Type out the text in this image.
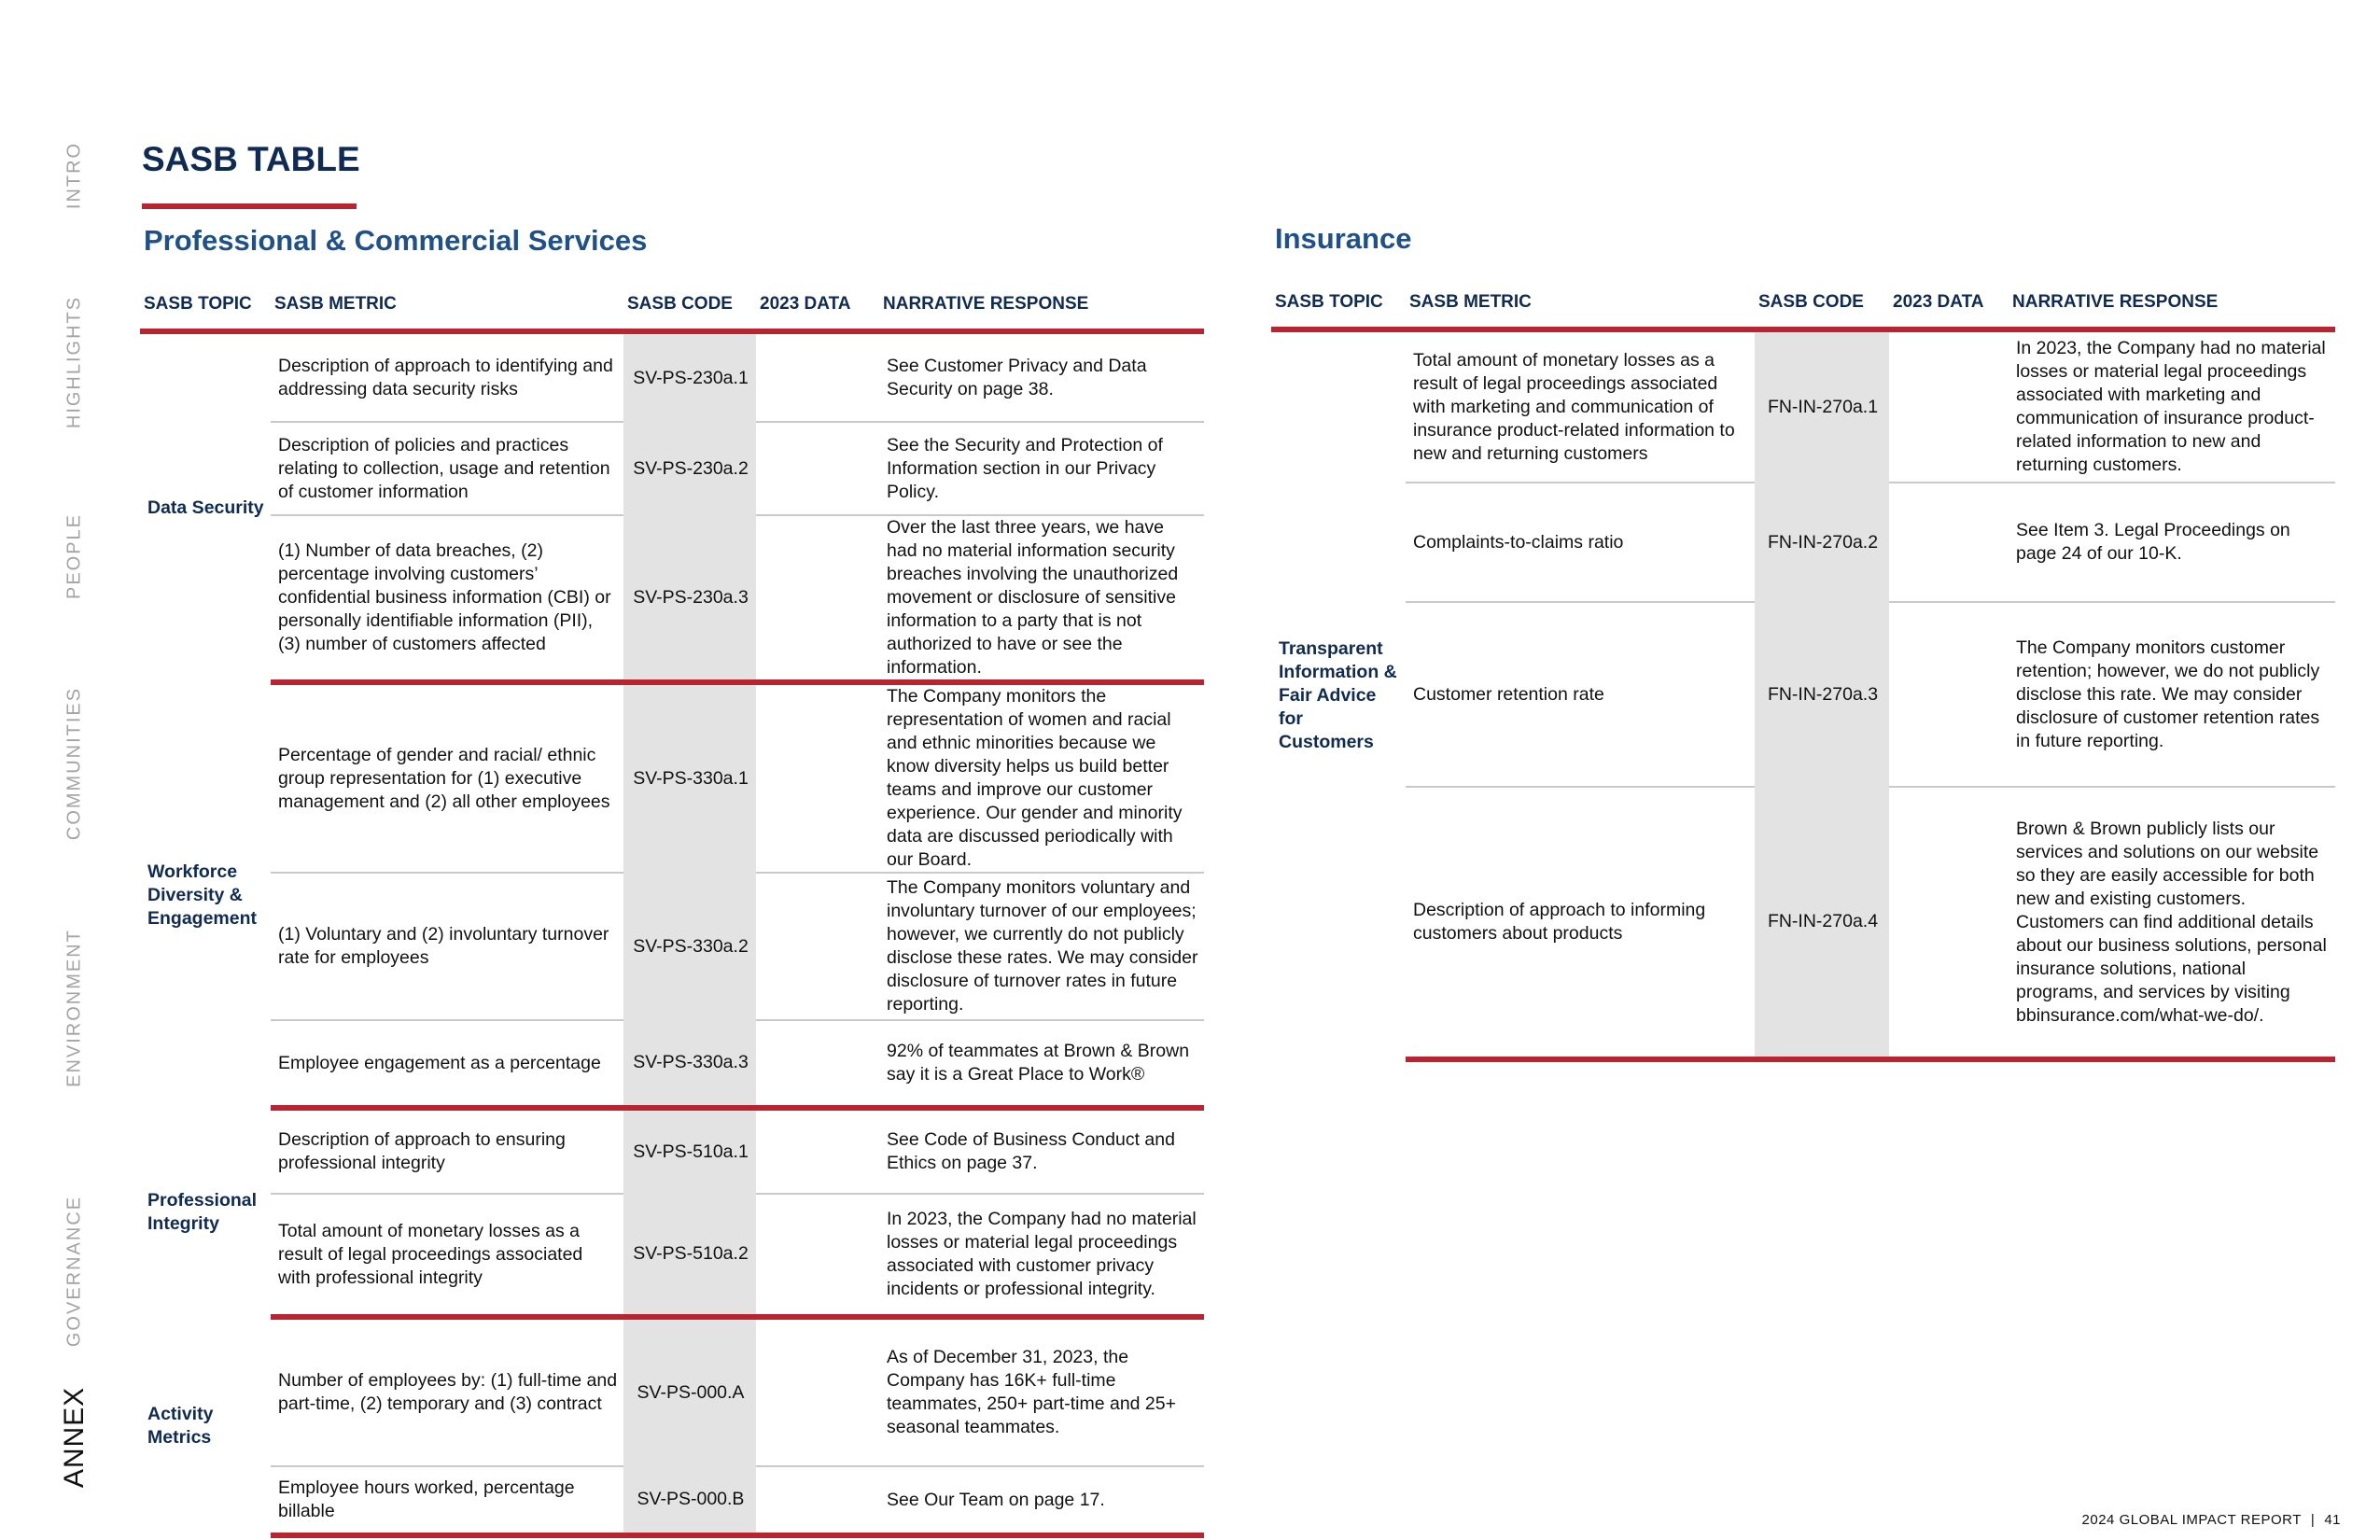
INTRO
HIGHLIGHTS
PEOPLE
COMMUNITIES
ENVIRONMENT
GOVERNANCE
ANNEX
SASB TABLE
Professional & Commercial Services
SASB TOPIC	SASB METRIC	SASB CODE	2023 DATA	NARRATIVE RESPONSE
Data Security	Description of approach to identifying and addressing data security risks	SV-PS-230a.1		See Customer Privacy and Data Security on page 38.
	Description of policies and practices relating to collection, usage and retention of customer information	SV-PS-230a.2		See the Security and Protection of Information section in our Privacy Policy.
	(1) Number of data breaches, (2) percentage involving customers’ confidential business information (CBI) or personally identifiable information (PII), (3) number of customers affected	SV-PS-230a.3		Over the last three years, we have had no material information security breaches involving the unauthorized movement or disclosure of sensitive information to a party that is not authorized to have or see the information.
Workforce Diversity & Engagement	Percentage of gender and racial/ ethnic group representation for (1) executive management and (2) all other employees	SV-PS-330a.1		The Company monitors the representation of women and racial and ethnic minorities because we know diversity helps us build better teams and improve our customer experience. Our gender and minority data are discussed periodically with our Board.
	(1) Voluntary and (2) involuntary turnover rate for employees	SV-PS-330a.2		The Company monitors voluntary and involuntary turnover of our employees; however, we currently do not publicly disclose these rates. We may consider disclosure of turnover rates in future reporting.
	Employee engagement as a percentage	SV-PS-330a.3		92% of teammates at Brown & Brown say it is a Great Place to Work®
Professional Integrity	Description of approach to ensuring professional integrity	SV-PS-510a.1		See Code of Business Conduct and Ethics on page 37.
	Total amount of monetary losses as a result of legal proceedings associated with professional integrity	SV-PS-510a.2		In 2023, the Company had no material losses or material legal proceedings associated with customer privacy incidents or professional integrity.
Activity Metrics	Number of employees by: (1) full-time and part-time, (2) temporary and (3) contract	SV-PS-000.A		As of December 31, 2023, the Company has 16K+ full-time teammates, 250+ part-time and 25+ seasonal teammates.
	Employee hours worked, percentage billable	SV-PS-000.B		See Our Team on page 17.
Insurance
SASB TOPIC	SASB METRIC	SASB CODE	2023 DATA	NARRATIVE RESPONSE
Transparent Information & Fair Advice for Customers	Total amount of monetary losses as a result of legal proceedings associated with marketing and communication of insurance product-related information to new and returning customers	FN-IN-270a.1		In 2023, the Company had no material losses or material legal proceedings associated with marketing and communication of insurance product-related information to new and returning customers.
	Complaints-to-claims ratio	FN-IN-270a.2		See Item 3. Legal Proceedings on page 24 of our 10-K.
	Customer retention rate	FN-IN-270a.3		The Company monitors customer retention; however, we do not publicly disclose this rate. We may consider disclosure of customer retention rates in future reporting.
	Description of approach to informing customers about products	FN-IN-270a.4		Brown & Brown publicly lists our services and solutions on our website so they are easily accessible for both new and existing customers. Customers can find additional details about our business solutions, personal insurance solutions, national programs, and services by visiting bbinsurance.com/what-we-do/.
2024 GLOBAL IMPACT REPORT | 41
